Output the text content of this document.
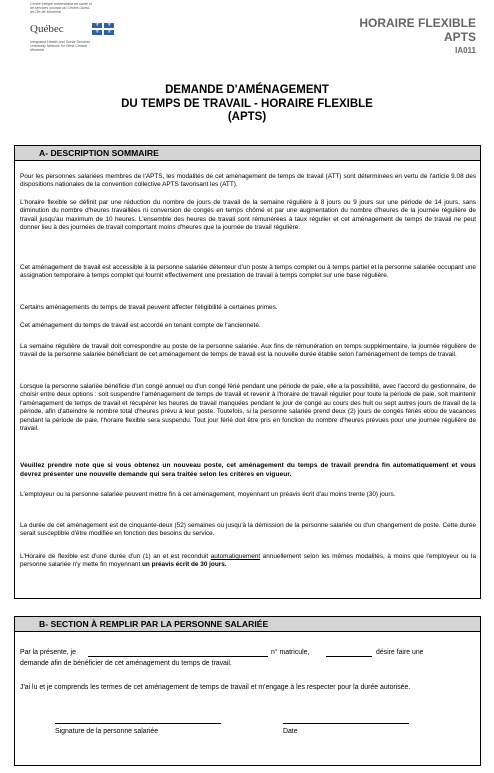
Centre intégré universitaire de santé et de services sociaux du Centre-Ouest-de-l'Île-de-Montréal
Québec	⚜ ⚜
⚜ ⚜
Integrated Health and Social Services University Network for West-Central Montreal
HORAIRE FLEXIBLE
APTS
IA011
DEMANDE D'AMÉNAGEMENT
DU TEMPS DE TRAVAIL - HORAIRE FLEXIBLE
(APTS)
A- DESCRIPTION SOMMAIRE

Pour les personnes salariées membres de l'APTS, les modalités de cet aménagement de temps de travail (ATT) sont déterminées en vertu de l'article 9.08 des dispositions nationales de la convention collective APTS favorisant les (ATT).

L'horaire flexible se définit par une réduction du nombre de jours de travail de la semaine régulière à 8 jours ou 9 jours sur une période de 14 jours, sans diminution du nombre d'heures travaillées ni conversion de congés en temps chômé et par une augmentation du nombre d'heures de la journée régulière de travail jusqu'au maximum de 10 heures. L'ensemble des heures de travail sont rémunérées à taux régulier et cet aménagement de temps de travail ne peut donner lieu à des journées de travail comportant moins d'heures que la journée de travail régulière.

Cet aménagement de travail est accessible à la personne salariée détenteur d'un poste à temps complet ou à temps partiel et la personne salariée occupant une assignation temporaire à temps complet qui fournit effectivement une prestation de travail à temps complet sur une base régulière.

Certains aménagements du temps de travail peuvent affecter l'éligibilité à certaines primes.

Cet aménagement du temps de travail est accordé en tenant compte de l'ancienneté.

La semaine régulière de travail doit correspondre au poste de la personne salariée. Aux fins de rémunération en temps supplémentaire, la journée régulière de travail de la personne salariée bénéficiant de cet aménagement de temps de travail est la nouvelle durée établie selon l'aménagement de temps de travail.

Lorsque la personne salariée bénéficie d'un congé annuel ou d'un congé férié pendant une période de paie, elle a la possibilité, avec l'accord du gestionnaire, de choisir entre deux options : soit suspendre l'aménagement de temps de travail et revenir à l'horaire de travail régulier pour toute la période de paie, soit maintenir l'aménagement de temps de travail et récupérer les heures de travail manquées pendant le jour de congé au cours des huit ou sept autres jours de travail de la période, afin d'atteindre le nombre total d'heures prévu à leur poste. Toutefois, si la personne salariée prend deux (2) jours de congés fériés et/ou de vacances pendant la période de paie, l'horaire flexible sera suspendu. Tout jour férié doit être pris en fonction du nombre d'heures prévues pour une journée régulière de travail.

Veuillez prendre note que si vous obtenez un nouveau poste, cet aménagement du temps de travail prendra fin automatiquement et vous devrez présenter une nouvelle demande qui sera traitée selon les critères en vigueur.

L'employeur ou la personne salariée peuvent mettre fin à cet aménagement, moyennant un préavis écrit d'au moins trente (30) jours.

La durée de cet aménagement est de cinquante-deux (52) semaines ou jusqu'à la démission de la personne salariée ou d'un changement de poste. Cette durée serait susceptible d'être modifiée en fonction des besoins du service.

L'Horaire de flexible est d'une durée d'un (1) an et est reconduit automatiquement annuellement selon les mêmes modalités, à moins que l'employeur ou la personne salariée n'y mette fin moyennant un préavis écrit de 30 jours.

B- SECTION À REMPLIR PAR LA PERSONNE SALARIÉE
Par la présente, je	n° matricule,	désire faire une
demande afin de bénéficier de cet aménagement du temps de travail.
J'ai lu et je comprends les termes de cet aménagement de temps de travail et m'engage à les respecter pour la durée autorisée.
Signature de la personne salariée	Date
